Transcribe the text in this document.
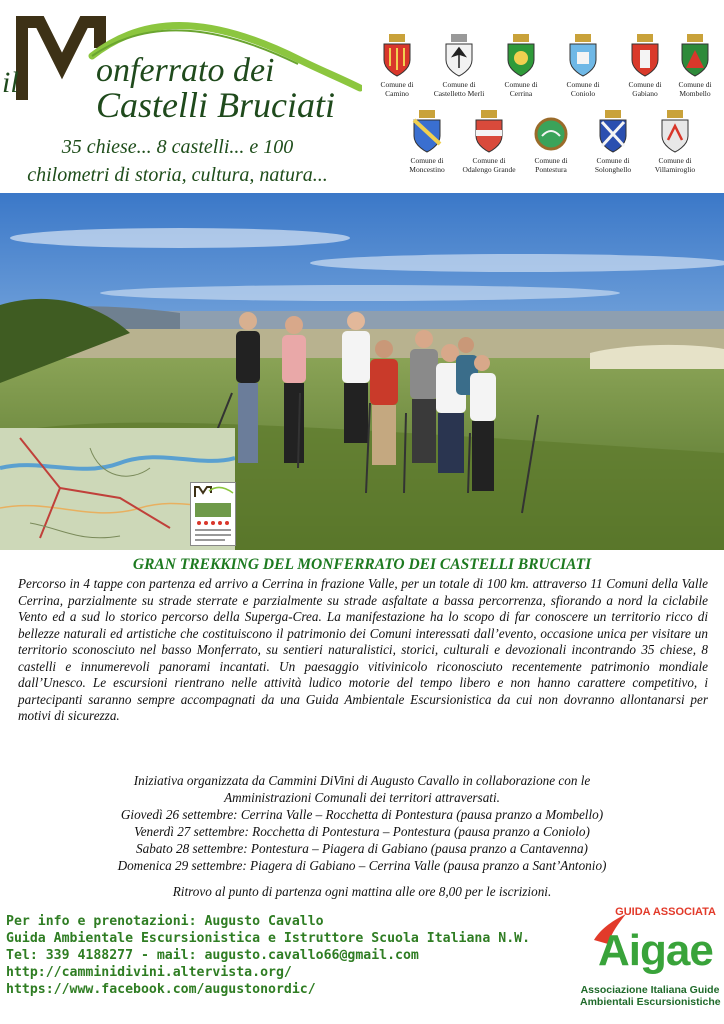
il onferrato dei
Castelli Bruciati
35 chiese... 8 castelli... e 100
chilometri di storia, cultura, natura...
Comune di
Camino
Comune di
Castelletto Merli
Comune di
Cerrina
Comune di
Coniolo
Comune di
Gabiano
Comune di
Mombello
Comune di
Moncestino
Comune di
Odalengo Grande
Comune di
Pontestura
Comune di
Solonghello
Comune di
Villamiroglio
GRAN TREKKING DEL MONFERRATO DEI CASTELLI BRUCIATI
Percorso in 4 tappe con partenza ed arrivo a Cerrina in frazione Valle, per un totale di 100 km. attraverso 11 Comuni della Valle Cerrina, parzialmente su strade sterrate e parzialmente su strade asfaltate a bassa percorrenza, sfiorando a nord la ciclabile Vento ed a sud lo storico percorso della Superga-Crea. La manifestazione ha lo scopo di far conoscere un territorio ricco di bellezze naturali ed artistiche che costituiscono il patrimonio dei Comuni interessati dall’evento, occasione unica per visitare un territorio sconosciuto nel basso Monferrato, su sentieri naturalistici, storici, culturali e devozionali incontrando 35 chiese, 8 castelli e innumerevoli panorami incantati. Un paesaggio vitivinicolo riconosciuto recentemente patrimonio mondiale dall’Unesco. Le escursioni rientrano nelle attività ludico motorie del tempo libero e non hanno carattere competitivo, i partecipanti saranno sempre accompagnati da una Guida Ambientale Escursionistica da cui non dovranno allontanarsi per motivi di sicurezza.
Iniziativa organizzata da Cammini DiVini di Augusto Cavallo in collaborazione con le
Amministrazioni Comunali dei territori attraversati.
Giovedì 26 settembre: Cerrina Valle – Rocchetta di Pontestura (pausa pranzo a Mombello)
Venerdì 27 settembre: Rocchetta di Pontestura – Pontestura (pausa pranzo a Coniolo)
Sabato 28 settembre: Pontestura – Piagera di Gabiano (pausa pranzo a Cantavenna)
Domenica 29 settembre: Piagera di Gabiano – Cerrina Valle (pausa pranzo a Sant’Antonio)
Ritrovo al punto di partenza ogni mattina alle ore 8,00 per le iscrizioni.
Per info e prenotazioni: Augusto Cavallo
Guida Ambientale Escursionistica e Istruttore Scuola Italiana N.W.
Tel: 339 4188277 - mail: augusto.cavallo66@gmail.com
http://camminidivini.altervista.org/
https://www.facebook.com/augustonordic/
GUIDA ASSOCIATA
Aigae
Associazione Italiana Guide
Ambientali Escursionistiche
